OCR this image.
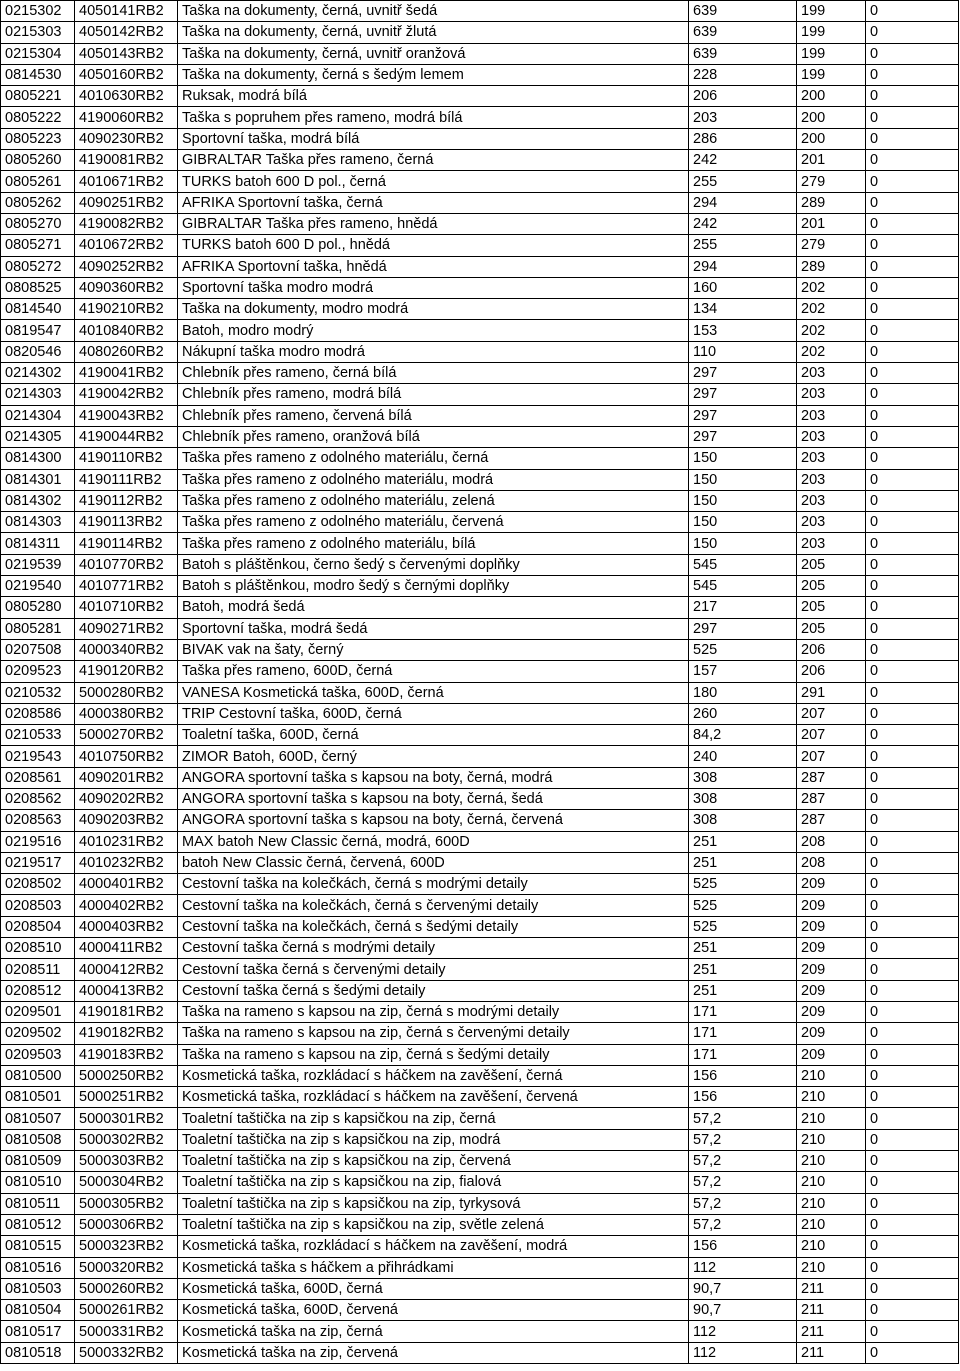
0215302	4050141RB2	Taška na dokumenty, černá, uvnitř šedá	639	199	0
0215303	4050142RB2	Taška na dokumenty, černá, uvnitř žlutá	639	199	0
0215304	4050143RB2	Taška na dokumenty, černá, uvnitř oranžová	639	199	0
0814530	4050160RB2	Taška na dokumenty, černá s šedým lemem	228	199	0
0805221	4010630RB2	Ruksak, modrá bílá	206	200	0
0805222	4190060RB2	Taška s popruhem přes rameno, modrá bílá	203	200	0
0805223	4090230RB2	Sportovní taška, modrá bílá	286	200	0
0805260	4190081RB2	GIBRALTAR Taška přes rameno, černá	242	201	0
0805261	4010671RB2	TURKS batoh 600 D pol., černá	255	279	0
0805262	4090251RB2	AFRIKA Sportovní taška, černá	294	289	0
0805270	4190082RB2	GIBRALTAR Taška přes rameno, hnědá	242	201	0
0805271	4010672RB2	TURKS batoh 600 D pol., hnědá	255	279	0
0805272	4090252RB2	AFRIKA Sportovní taška, hnědá	294	289	0
0808525	4090360RB2	Sportovní taška modro modrá	160	202	0
0814540	4190210RB2	Taška na dokumenty, modro modrá	134	202	0
0819547	4010840RB2	Batoh, modro modrý	153	202	0
0820546	4080260RB2	Nákupní taška modro modrá	110	202	0
0214302	4190041RB2	Chlebník přes rameno, černá bílá	297	203	0
0214303	4190042RB2	Chlebník přes rameno, modrá bílá	297	203	0
0214304	4190043RB2	Chlebník přes rameno, červená bílá	297	203	0
0214305	4190044RB2	Chlebník přes rameno, oranžová bílá	297	203	0
0814300	4190110RB2	Taška přes rameno z odolného materiálu, černá	150	203	0
0814301	4190111RB2	Taška přes rameno z odolného materiálu, modrá	150	203	0
0814302	4190112RB2	Taška přes rameno z odolného materiálu, zelená	150	203	0
0814303	4190113RB2	Taška přes rameno z odolného materiálu, červená	150	203	0
0814311	4190114RB2	Taška přes rameno z odolného materiálu, bílá	150	203	0
0219539	4010770RB2	Batoh s pláštěnkou, černo šedý s červenými doplňky	545	205	0
0219540	4010771RB2	Batoh s pláštěnkou, modro šedý s černými doplňky	545	205	0
0805280	4010710RB2	Batoh, modrá šedá	217	205	0
0805281	4090271RB2	Sportovní taška, modrá šedá	297	205	0
0207508	4000340RB2	BIVAK vak na šaty, černý	525	206	0
0209523	4190120RB2	Taška přes rameno, 600D, černá	157	206	0
0210532	5000280RB2	VANESA Kosmetická taška, 600D, černá	180	291	0
0208586	4000380RB2	TRIP Cestovní taška, 600D, černá	260	207	0
0210533	5000270RB2	Toaletní taška, 600D, černá	84,2	207	0
0219543	4010750RB2	ZIMOR Batoh, 600D, černý	240	207	0
0208561	4090201RB2	ANGORA sportovní taška s kapsou na boty, černá, modrá	308	287	0
0208562	4090202RB2	ANGORA sportovní taška s kapsou na boty, černá, šedá	308	287	0
0208563	4090203RB2	ANGORA sportovní taška s kapsou na boty, černá, červená	308	287	0
0219516	4010231RB2	MAX batoh New Classic černá, modrá, 600D	251	208	0
0219517	4010232RB2	batoh New Classic černá, červená, 600D	251	208	0
0208502	4000401RB2	Cestovní taška na kolečkách, černá s modrými detaily	525	209	0
0208503	4000402RB2	Cestovní taška na kolečkách, černá s červenými detaily	525	209	0
0208504	4000403RB2	Cestovní taška na kolečkách, černá s šedými detaily	525	209	0
0208510	4000411RB2	Cestovní taška černá s modrými detaily	251	209	0
0208511	4000412RB2	Cestovní taška černá s červenými detaily	251	209	0
0208512	4000413RB2	Cestovní taška černá s šedými detaily	251	209	0
0209501	4190181RB2	Taška na rameno s kapsou na zip, černá s modrými detaily	171	209	0
0209502	4190182RB2	Taška na rameno s kapsou na zip, černá s červenými detaily	171	209	0
0209503	4190183RB2	Taška na rameno s kapsou na zip, černá s šedými detaily	171	209	0
0810500	5000250RB2	Kosmetická taška, rozkládací s háčkem na zavěšení, černá	156	210	0
0810501	5000251RB2	Kosmetická taška, rozkládací s háčkem na zavěšení, červená	156	210	0
0810507	5000301RB2	Toaletní taštička na zip s kapsičkou na zip, černá	57,2	210	0
0810508	5000302RB2	Toaletní taštička na zip s kapsičkou na zip, modrá	57,2	210	0
0810509	5000303RB2	Toaletní taštička na zip s kapsičkou na zip, červená	57,2	210	0
0810510	5000304RB2	Toaletní taštička na zip s kapsičkou na zip, fialová	57,2	210	0
0810511	5000305RB2	Toaletní taštička na zip s kapsičkou na zip, tyrkysová	57,2	210	0
0810512	5000306RB2	Toaletní taštička na zip s kapsičkou na zip, světle zelená	57,2	210	0
0810515	5000323RB2	Kosmetická taška, rozkládací s háčkem na zavěšení, modrá	156	210	0
0810516	5000320RB2	Kosmetická taška s háčkem a přihrádkami	112	210	0
0810503	5000260RB2	Kosmetická taška, 600D, černá	90,7	211	0
0810504	5000261RB2	Kosmetická taška, 600D, červená	90,7	211	0
0810517	5000331RB2	Kosmetická taška na zip, černá	112	211	0
0810518	5000332RB2	Kosmetická taška na zip, červená	112	211	0
